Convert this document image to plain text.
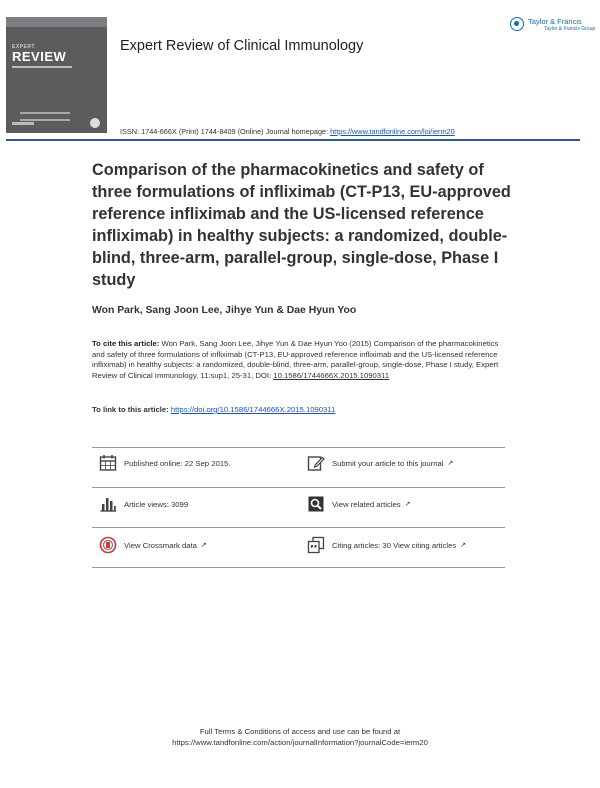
EXPERT
REVIEW
Expert Review of Clinical Immunology
Taylor & Francis
Taylor & Francis Group
ISSN: 1744-666X (Print) 1744-8409 (Online) Journal homepage: https://www.tandfonline.com/loi/ierm20
Comparison of the pharmacokinetics and safety of three formulations of infliximab (CT-P13, EU-approved reference infliximab and the US-licensed reference infliximab) in healthy subjects: a randomized, double-blind, three-arm, parallel-group, single-dose, Phase I study
Won Park, Sang Joon Lee, Jihye Yun & Dae Hyun Yoo

To cite this article: Won Park, Sang Joon Lee, Jihye Yun & Dae Hyun Yoo (2015) Comparison of the pharmacokinetics and safety of three formulations of infliximab (CT-P13, EU-approved reference infliximab and the US-licensed reference infliximab) in healthy subjects: a randomized, double-blind, three-arm, parallel-group, single-dose, Phase I study, Expert Review of Clinical Immunology, 11:sup1, 25-31, DOI: 10.1586/1744666X.2015.1090311

To link to this article: https://doi.org/10.1586/1744666X.2015.1090311
Published online: 22 Sep 2015.	Submit your article to this journal ↗
Article views: 3099	View related articles ↗
View Crossmark data ↗	Citing articles: 30 View citing articles ↗
Full Terms & Conditions of access and use can be found at
https://www.tandfonline.com/action/journalInformation?journalCode=ierm20
